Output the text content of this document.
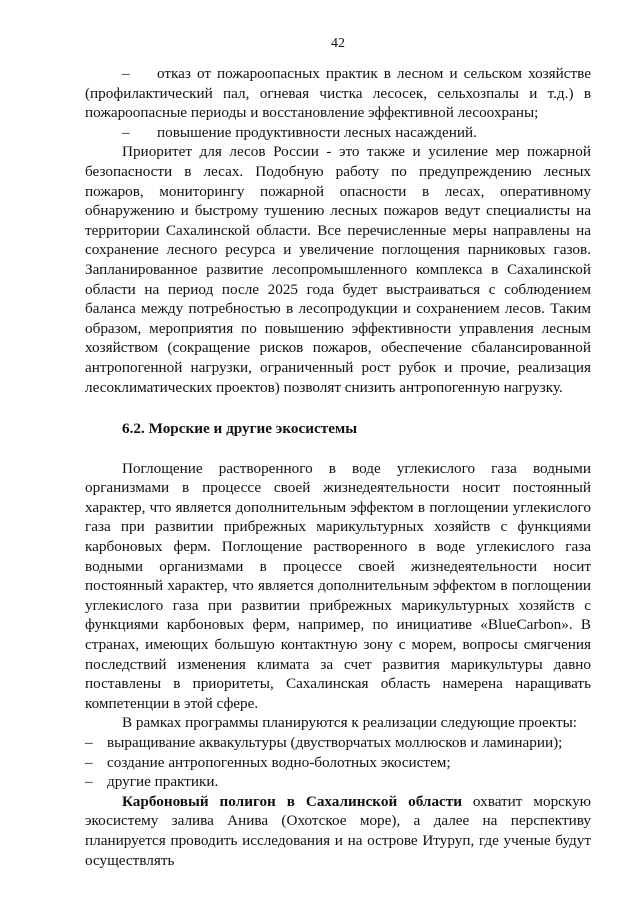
42

– отказ от пожароопасных практик в лесном и сельском хозяйстве (профилактический пал, огневая чистка лесосек, сельхозпалы и т.д.) в пожароопасные периоды и восстановление эффективной лесоохраны;

– повышение продуктивности лесных насаждений.

Приоритет для лесов России - это также и усиление мер пожарной безопасности в лесах. Подобную работу по предупреждению лесных пожаров, мониторингу пожарной опасности в лесах, оперативному обнаружению и быстрому тушению лесных пожаров ведут специалисты на территории Сахалинской области. Все перечисленные меры направлены на сохранение лесного ресурса и увеличение поглощения парниковых газов. Запланированное развитие лесопромышленного комплекса в Сахалинской области на период после 2025 года будет выстраиваться с соблюдением баланса между потребностью в лесопродукции и сохранением лесов. Таким образом, мероприятия по повышению эффективности управления лесным хозяйством (сокращение рисков пожаров, обеспечение сбалансированной антропогенной нагрузки, ограниченный рост рубок и прочие, реализация лесоклиматических проектов) позволят снизить антропогенную нагрузку.

6.2. Морские и другие экосистемы

Поглощение растворенного в воде углекислого газа водными организмами в процессе своей жизнедеятельности носит постоянный характер, что является дополнительным эффектом в поглощении углекислого газа при развитии прибрежных марикультурных хозяйств с функциями карбоновых ферм. Поглощение растворенного в воде углекислого газа водными организмами в процессе своей жизнедеятельности носит постоянный характер, что является дополнительным эффектом в поглощении углекислого газа при развитии прибрежных марикультурных хозяйств с функциями карбоновых ферм, например, по инициативе «BlueCarbon». В странах, имеющих большую контактную зону с морем, вопросы смягчения последствий изменения климата за счет развития марикультуры давно поставлены в приоритеты, Сахалинская область намерена наращивать компетенции в этой сфере.

В рамках программы планируются к реализации следующие проекты:

– выращивание аквакультуры (двустворчатых моллюсков и ламинарии);
– создание антропогенных водно-болотных экосистем;
– другие практики.

Карбоновый полигон в Сахалинской области охватит морскую экосистему залива Анива (Охотское море), а далее на перспективу планируется проводить исследования и на острове Итуруп, где ученые будут осуществлять
